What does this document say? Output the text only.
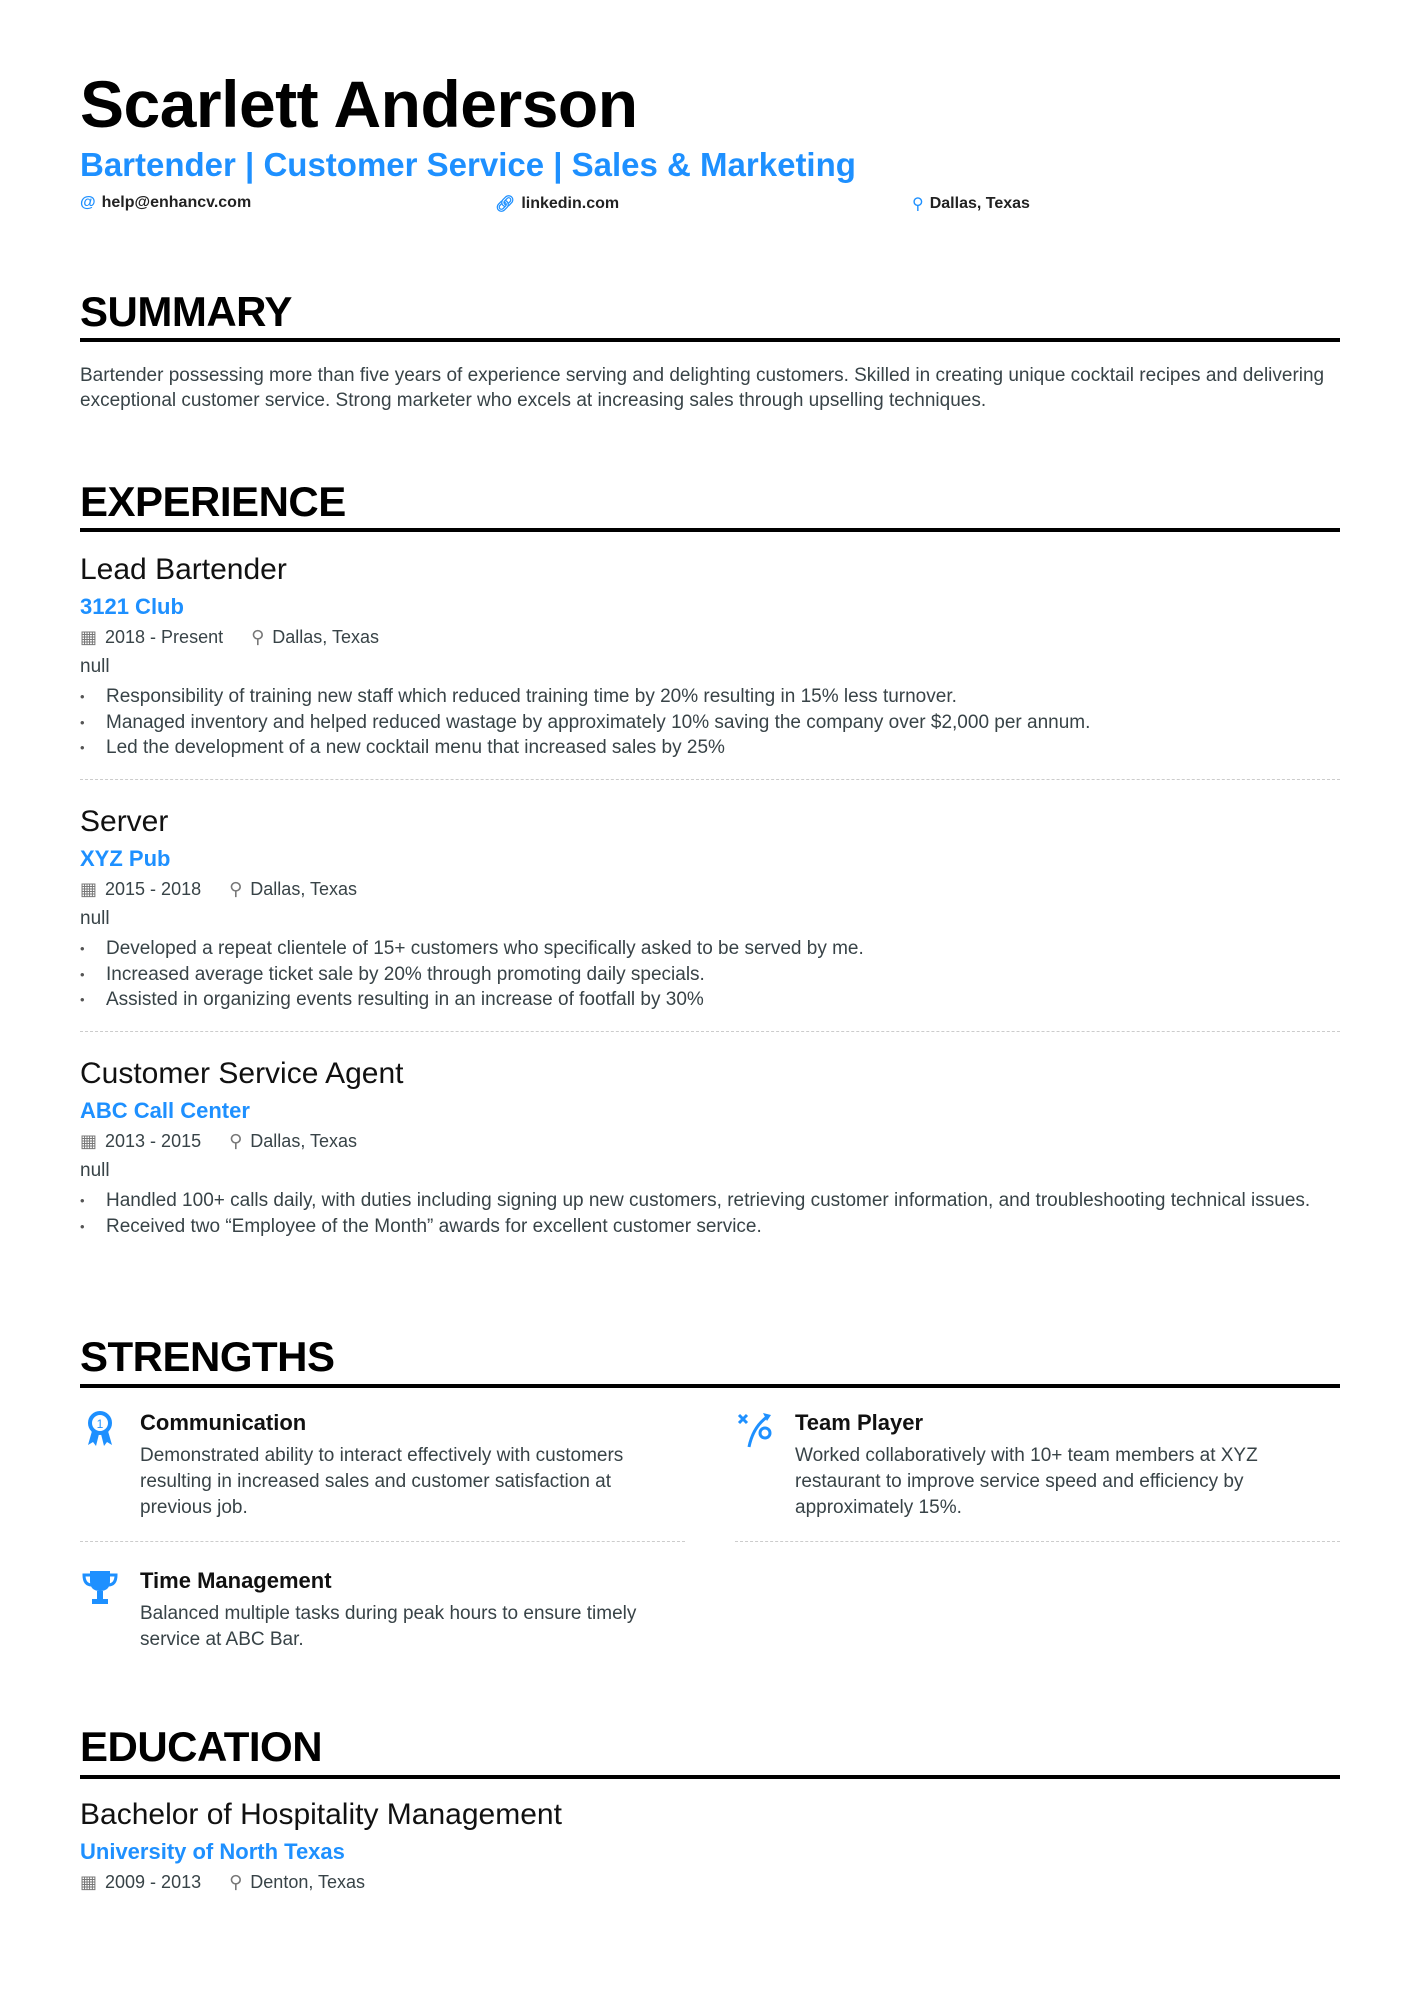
Scarlett Anderson
Bartender | Customer Service | Sales & Marketing
@ help@enhancv.com	🔗︎ linkedin.com	⚲ Dallas, Texas
SUMMARY
Bartender possessing more than five years of experience serving and delighting customers. Skilled in creating unique cocktail recipes and delivering exceptional customer service. Strong marketer who excels at increasing sales through upselling techniques.
EXPERIENCE
Lead Bartender
3121 Club
▦ 2018 - Present ⚲ Dallas, Texas
null
• Responsibility of training new staff which reduced training time by 20% resulting in 15% less turnover.
• Managed inventory and helped reduced wastage by approximately 10% saving the company over $2,000 per annum.
• Led the development of a new cocktail menu that increased sales by 25%
Server
XYZ Pub
▦ 2015 - 2018 ⚲ Dallas, Texas
null
• Developed a repeat clientele of 15+ customers who specifically asked to be served by me.
• Increased average ticket sale by 20% through promoting daily specials.
• Assisted in organizing events resulting in an increase of footfall by 30%
Customer Service Agent
ABC Call Center
▦ 2013 - 2015 ⚲ Dallas, Texas
null
• Handled 100+ calls daily, with duties including signing up new customers, retrieving customer information, and troubleshooting technical issues.
• Received two “Employee of the Month” awards for excellent customer service.
STRENGTHS
1 Communication

Demonstrated ability to interact effectively with customers resulting in increased sales and customer satisfaction at previous job.

Team Player

Worked collaboratively with 10+ team members at XYZ restaurant to improve service speed and efficiency by approximately 15%.

Time Management

Balanced multiple tasks during peak hours to ensure timely service at ABC Bar.

EDUCATION
Bachelor of Hospitality Management
University of North Texas
▦ 2009 - 2013 ⚲ Denton, Texas
